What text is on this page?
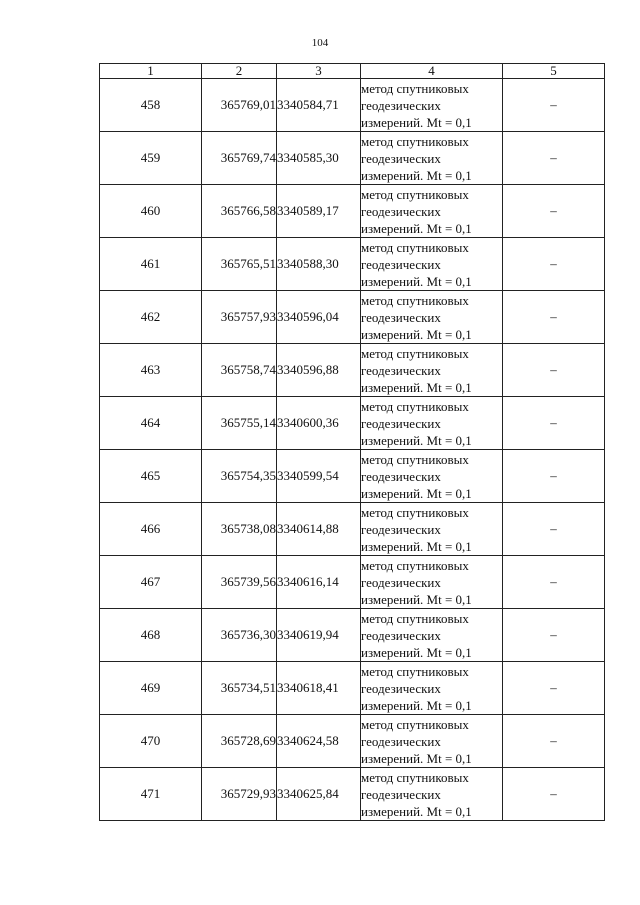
104
1	2	3	4	5
458	365769,01	3340584,71	метод спутниковых геодезических измерений. Mt = 0,1	–
459	365769,74	3340585,30	метод спутниковых геодезических измерений. Mt = 0,1	–
460	365766,58	3340589,17	метод спутниковых геодезических измерений. Mt = 0,1	–
461	365765,51	3340588,30	метод спутниковых геодезических измерений. Mt = 0,1	–
462	365757,93	3340596,04	метод спутниковых геодезических измерений. Mt = 0,1	–
463	365758,74	3340596,88	метод спутниковых геодезических измерений. Mt = 0,1	–
464	365755,14	3340600,36	метод спутниковых геодезических измерений. Mt = 0,1	–
465	365754,35	3340599,54	метод спутниковых геодезических измерений. Mt = 0,1	–
466	365738,08	3340614,88	метод спутниковых геодезических измерений. Mt = 0,1	–
467	365739,56	3340616,14	метод спутниковых геодезических измерений. Mt = 0,1	–
468	365736,30	3340619,94	метод спутниковых геодезических измерений. Mt = 0,1	–
469	365734,51	3340618,41	метод спутниковых геодезических измерений. Mt = 0,1	–
470	365728,69	3340624,58	метод спутниковых геодезических измерений. Mt = 0,1	–
471	365729,93	3340625,84	метод спутниковых геодезических измерений. Mt = 0,1	–
